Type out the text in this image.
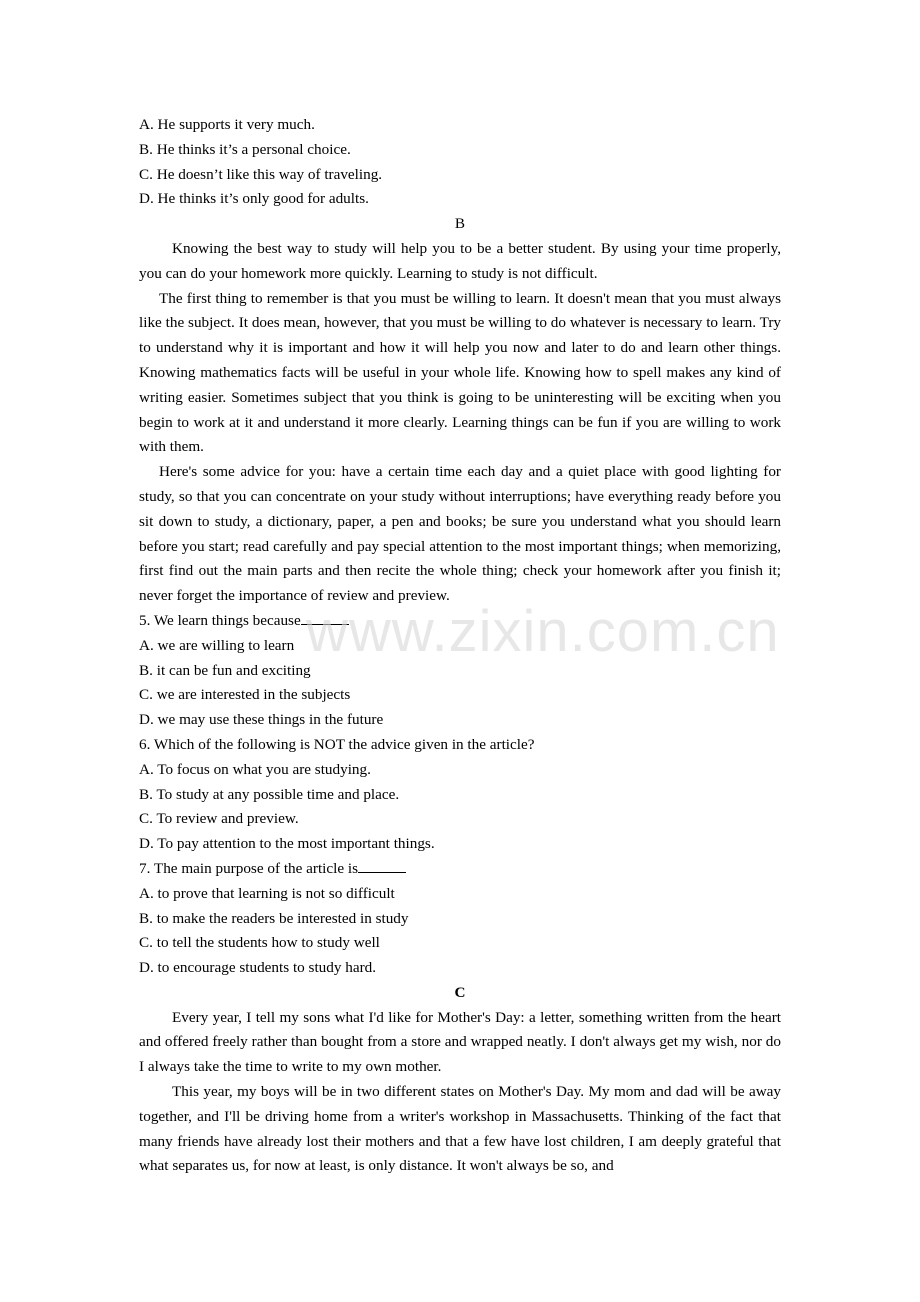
www.zixin.com.cn
A. He supports it very much.
B. He thinks it’s a personal choice.
C. He doesn’t like this way of traveling.
D. He thinks it’s only good for adults.
B
Knowing the best way to study will help you to be a better student. By using your time properly, you can do your homework more quickly. Learning to study is not difficult.
The first thing to remember is that you must be willing to learn. It doesn't mean that you must always like the subject. It does mean, however, that you must be willing to do whatever is necessary to learn. Try to understand why it is important and how it will help you now and later to do and learn other things. Knowing mathematics facts will be useful in your whole life. Knowing how to spell makes any kind of writing easier. Sometimes subject that you think is going to be uninteresting will be exciting when you begin to work at it and understand it more clearly. Learning things can be fun if you are willing to work with them.
Here's some advice for you: have a certain time each day and a quiet place with good lighting for study, so that you can concentrate on your study without interruptions; have everything ready before you sit down to study, a dictionary, paper, a pen and books; be sure you understand what you should learn before you start; read carefully and pay special attention to the most important things; when memorizing, first find out the main parts and then recite the whole thing; check your homework after you finish it; never forget the importance of review and preview.
5. We learn things because
A. we are willing to learn
B. it can be fun and exciting
C. we are interested in the subjects
D. we may use these things in the future
6. Which of the following is NOT the advice given in the article?
A. To focus on what you are studying.
B. To study at any possible time and place.
C. To review and preview.
D. To pay attention to the most important things.
7. The main purpose of the article is
A. to prove that learning is not so difficult
B. to make the readers be interested in study
C. to tell the students how to study well
D. to encourage students to study hard.
C
Every year, I tell my sons what I'd like for Mother's Day: a letter, something written from the heart and offered freely rather than bought from a store and wrapped neatly. I don't always get my wish, nor do I always take the time to write to my own mother.
This year, my boys will be in two different states on Mother's Day. My mom and dad will be away together, and I'll be driving home from a writer's workshop in Massachusetts. Thinking of the fact that many friends have already lost their mothers and that a few have lost children, I am deeply grateful that what separates us, for now at least, is only distance. It won't always be so, and
